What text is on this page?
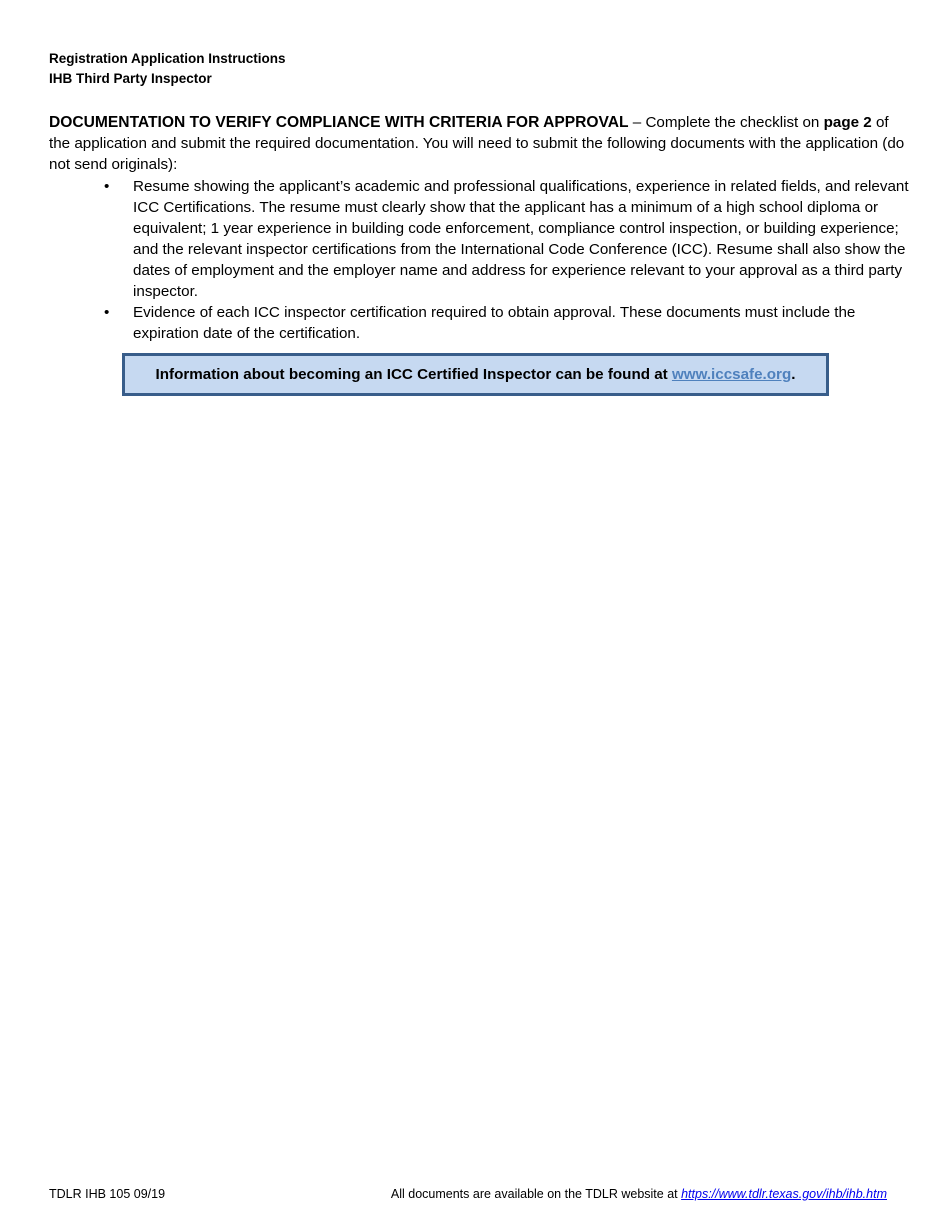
Registration Application Instructions
IHB Third Party Inspector
DOCUMENTATION TO VERIFY COMPLIANCE WITH CRITERIA FOR APPROVAL – Complete the checklist on page 2 of the application and submit the required documentation. You will need to submit the following documents with the application (do not send originals):
• Resume showing the applicant’s academic and professional qualifications, experience in related fields, and relevant ICC Certifications. The resume must clearly show that the applicant has a minimum of a high school diploma or equivalent; 1 year experience in building code enforcement, compliance control inspection, or building experience; and the relevant inspector certifications from the International Code Conference (ICC). Resume shall also show the dates of employment and the employer name and address for experience relevant to your approval as a third party inspector.
• Evidence of each ICC inspector certification required to obtain approval. These documents must include the expiration date of the certification.
Information about becoming an ICC Certified Inspector can be found at www.iccsafe.org.
TDLR IHB 105 09/19	All documents are available on the TDLR website at https://www.tdlr.texas.gov/ihb/ihb.htm
